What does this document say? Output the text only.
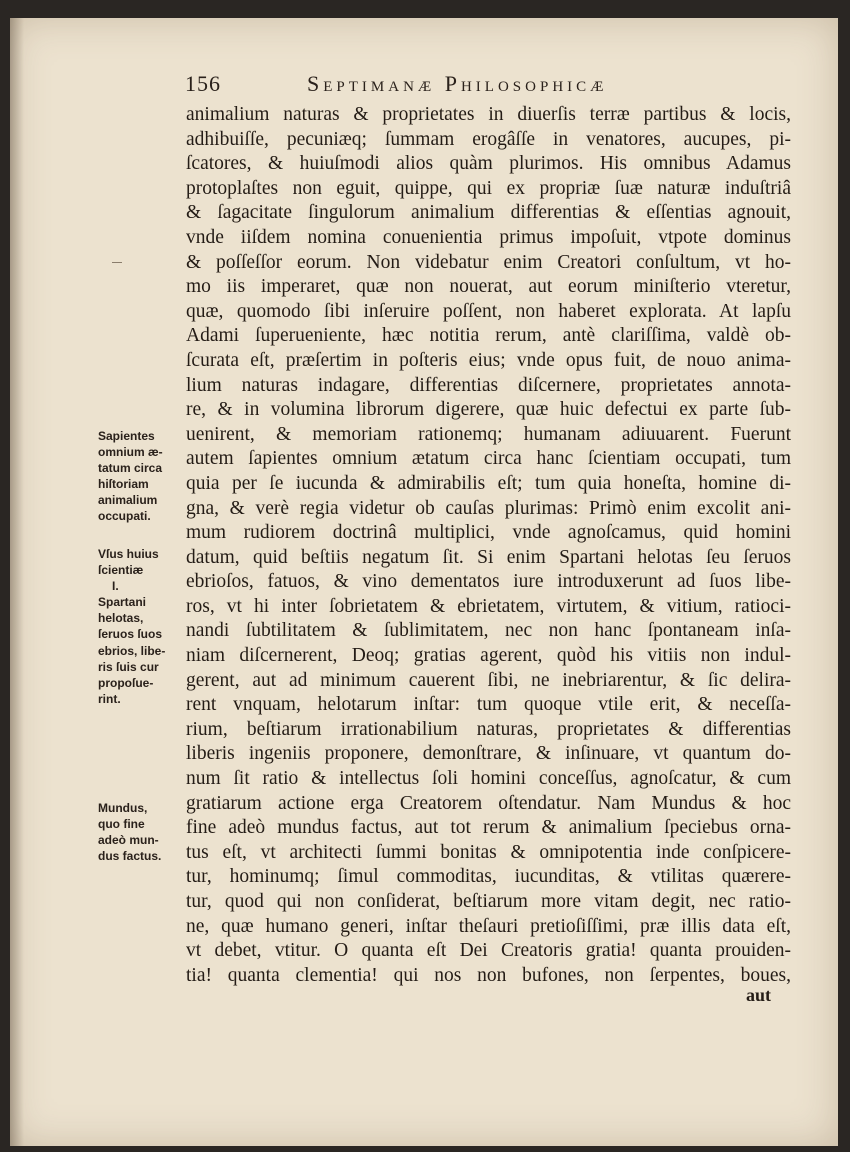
156	Septimanæ Philosophicæ
animalium naturas & proprietates in diuerſis terræ partibus & locis,
adhibuiſſe, pecuniæq; ſummam erogâſſe in venatores, aucupes, pi-
ſcatores, & huiuſmodi alios quàm plurimos. His omnibus Adamus
protoplaſtes non eguit, quippe, qui ex propriæ ſuæ naturæ induſtriâ
& ſagacitate ſingulorum animalium differentias & eſſentias agnouit,
vnde iiſdem nomina conuenientia primus impoſuit, vtpote dominus
& poſſeſſor eorum. Non videbatur enim Creatori conſultum, vt ho-
mo iis imperaret, quæ non nouerat, aut eorum miniſterio vteretur,
quæ, quomodo ſibi inſeruire poſſent, non haberet explorata. At lapſu
Adami ſuperueniente, hæc notitia rerum, antè clariſſima, valdè ob-
ſcurata eſt, præſertim in poſteris eius; vnde opus fuit, de nouo anima-
lium naturas indagare, differentias diſcernere, proprietates annota-
re, & in volumina librorum digerere, quæ huic defectui ex parte ſub-
uenirent, & memoriam rationemq; humanam adiuuarent. Fuerunt
autem ſapientes omnium ætatum circa hanc ſcientiam occupati, tum
quia per ſe iucunda & admirabilis eſt; tum quia honeſta, homine di-
gna, & verè regia videtur ob cauſas plurimas: Primò enim excolit ani-
mum rudiorem doctrinâ multiplici, vnde agnoſcamus, quid homini
datum, quid beſtiis negatum ſit. Si enim Spartani helotas ſeu ſeruos
ebrioſos, fatuos, & vino dementatos iure introduxerunt ad ſuos libe-
ros, vt hi inter ſobrietatem & ebrietatem, virtutem, & vitium, ratioci-
nandi ſubtilitatem & ſublimitatem, nec non hanc ſpontaneam inſa-
niam diſcernerent, Deoq; gratias agerent, quòd his vitiis non indul-
gerent, aut ad minimum cauerent ſibi, ne inebriarentur, & ſic delira-
rent vnquam, helotarum inſtar: tum quoque vtile erit, & neceſſa-
rium, beſtiarum irrationabilium naturas, proprietates & differentias
liberis ingeniis proponere, demonſtrare, & inſinuare, vt quantum do-
num ſit ratio & intellectus ſoli homini conceſſus, agnoſcatur, & cum
gratiarum actione erga Creatorem oſtendatur. Nam Mundus & hoc
fine adeò mundus factus, aut tot rerum & animalium ſpeciebus orna-
tus eſt, vt architecti ſummi bonitas & omnipotentia inde conſpicere-
tur, hominumq; ſimul commoditas, iucunditas, & vtilitas quærere-
tur, quod qui non conſiderat, beſtiarum more vitam degit, nec ratio-
ne, quæ humano generi, inſtar theſauri pretioſiſſimi, præ illis data eſt,
vt debet, vtitur. O quanta eſt Dei Creatoris gratia! quanta prouiden-
tia! quanta clementia! qui nos non bufones, non ſerpentes, boues,
Sapientes
omnium æ-
tatum circa
hiſtoriam
animalium
occupati.
Vſus huius
ſcientiæ
I.
Spartani
helotas,
ſeruos ſuos
ebrios, libe-
ris ſuis cur
propoſue-
rint.
Mundus,
quo fine
adeò mun-
dus factus.
aut
